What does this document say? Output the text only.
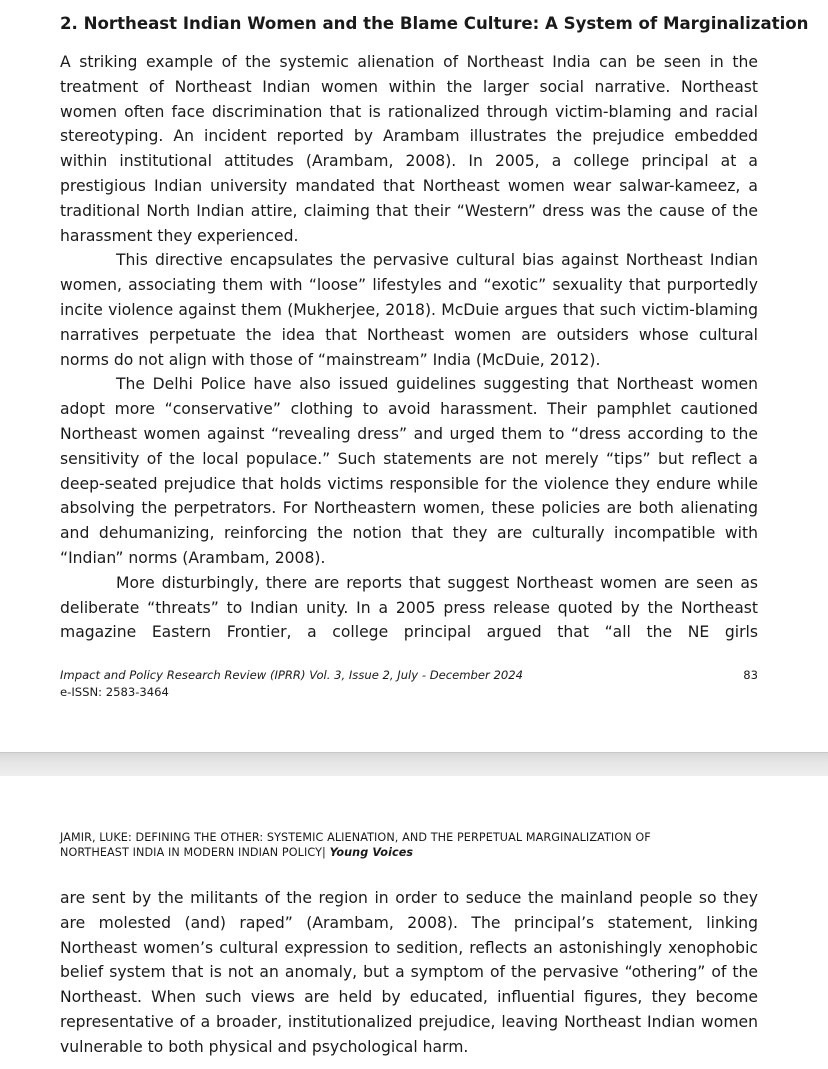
2. Northeast Indian Women and the Blame Culture: A System of Marginalization

A striking example of the systemic alienation of Northeast India can be seen in the treatment of Northeast Indian women within the larger social narrative. Northeast women often face discrimination that is rationalized through victim-blaming and racial stereotyping. An incident reported by Arambam illustrates the prejudice embedded within institutional attitudes (Arambam, 2008). In 2005, a college principal at a prestigious Indian university mandated that Northeast women wear salwar-kameez, a traditional North Indian attire, claiming that their “Western” dress was the cause of the harassment they experienced.

This directive encapsulates the pervasive cultural bias against Northeast Indian women, associating them with “loose” lifestyles and “exotic” sexuality that purportedly incite violence against them (Mukherjee, 2018). McDuie argues that such victim-blaming narratives perpetuate the idea that Northeast women are outsiders whose cultural norms do not align with those of “mainstream” India (McDuie, 2012).

The Delhi Police have also issued guidelines suggesting that Northeast women adopt more “conservative” clothing to avoid harassment. Their pamphlet cautioned Northeast women against “revealing dress” and urged them to “dress according to the sensitivity of the local populace.” Such statements are not merely “tips” but reflect a deep-seated prejudice that holds victims responsible for the violence they endure while absolving the perpetrators. For Northeastern women, these policies are both alienating and dehumanizing, reinforcing the notion that they are culturally incompatible with “Indian” norms (Arambam, 2008).

More disturbingly, there are reports that suggest Northeast women are seen as deliberate “threats” to Indian unity. In a 2005 press release quoted by the Northeast magazine Eastern Frontier, a college principal argued that “all the NE girls

Impact and Policy Research Review (IPRR) Vol. 3, Issue 2, July - December 2024
e-ISSN: 2583-3464
83
JAMIR, LUKE: DEFINING THE OTHER: SYSTEMIC ALIENATION, AND THE PERPETUAL MARGINALIZATION OF
NORTHEAST INDIA IN MODERN INDIAN POLICY| Young Voices

are sent by the militants of the region in order to seduce the mainland people so they are molested (and) raped” (Arambam, 2008). The principal’s statement, linking Northeast women’s cultural expression to sedition, reflects an astonishingly xenophobic belief system that is not an anomaly, but a symptom of the pervasive “othering” of the Northeast. When such views are held by educated, influential figures, they become representative of a broader, institutionalized prejudice, leaving Northeast Indian women vulnerable to both physical and psychological harm.
